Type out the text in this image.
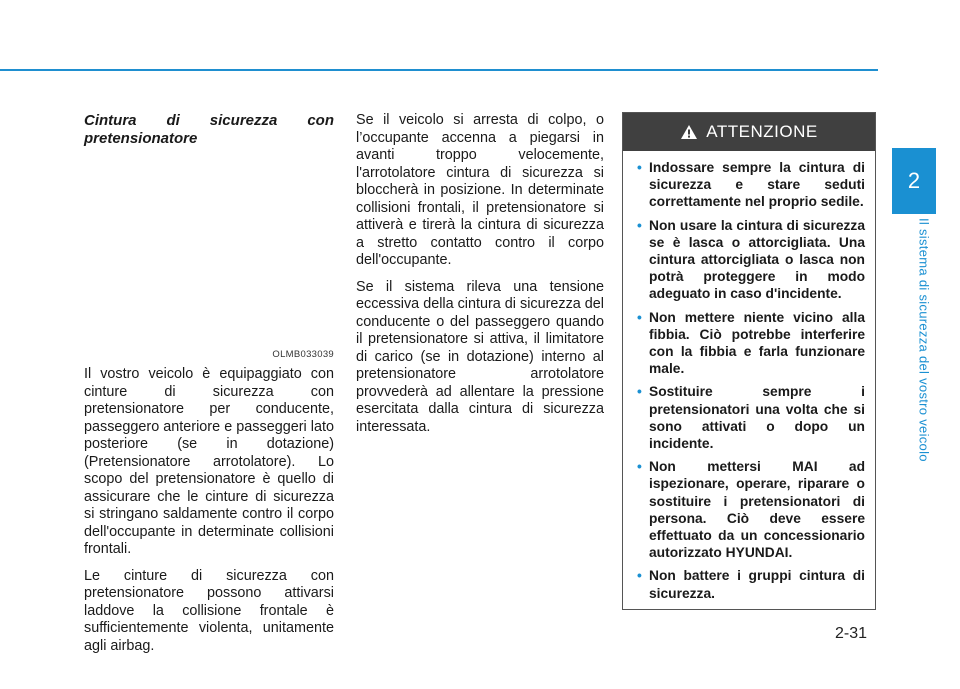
2
Il sistema di sicurezza del vostro veicolo

Cintura di sicurezza con pretensionatore

OLMB033039

Il vostro veicolo è equipaggiato con cinture di sicurezza con pretensionatore per conducente, passeggero anteriore e passeggeri lato posteriore (se in dotazione) (Pretensionatore arrotolatore). Lo scopo del pretensionatore è quello di assicurare che le cinture di sicurezza si stringano saldamente contro il corpo dell'occupante in determinate collisioni frontali.

Le cinture di sicurezza con pretensionatore possono attivarsi laddove la collisione frontale è sufficientemente violenta, unitamente agli airbag.

Se il veicolo si arresta di colpo, o l’occupante accenna a piegarsi in avanti troppo velocemente, l'arrotolatore cintura di sicurezza si bloccherà in posizione. In determinate collisioni frontali, il pretensionatore si attiverà e tirerà la cintura di sicurezza a stretto contatto contro il corpo dell'occupante.

Se il sistema rileva una tensione eccessiva della cintura di sicurezza del conducente o del passeggero quando il pretensionatore si attiva, il limitatore di carico (se in dotazione) interno al pretensionatore arrotolatore provvederà ad allentare la pressione esercitata dalla cintura di sicurezza interessata.

ATTENZIONE
• Indossare sempre la cintura di sicurezza e stare seduti correttamente nel proprio sedile.
• Non usare la cintura di sicurezza se è lasca o attorcigliata. Una cintura attorcigliata o lasca non potrà proteggere in modo adeguato in caso d'incidente.
• Non mettere niente vicino alla fibbia. Ciò potrebbe interferire con la fibbia e farla funzionare male.
• Sostituire sempre i pretensionatori una volta che si sono attivati o dopo un incidente.
• Non mettersi MAI ad ispezionare, operare, riparare o sostituire i pretensionatori di persona. Ciò deve essere effettuato da un concessionario autorizzato HYUNDAI.
• Non battere i gruppi cintura di sicurezza.
2-31
